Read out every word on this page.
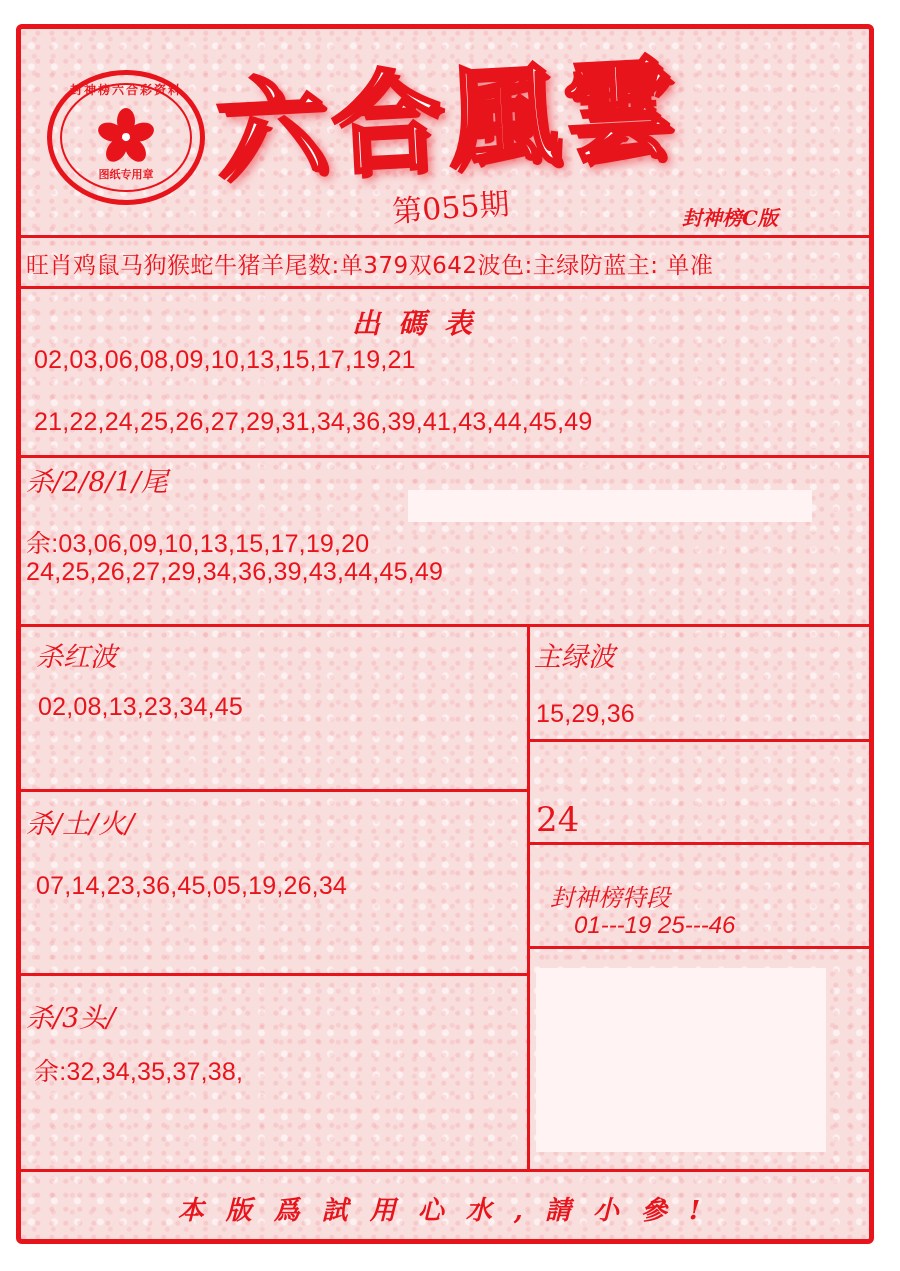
封神榜六合彩资料
图纸专用章 六合風雲
第055期	封神榜C版
旺肖鸡鼠马狗猴蛇牛猪羊尾数:单379双642波色:主绿防蓝主: 单准
出碼表
02,03,06,08,09,10,13,15,17,19,21
21,22,24,25,26,27,29,31,34,36,39,41,43,44,45,49
杀/2/8/1/尾
余:03,06,09,10,13,15,17,19,20
24,25,26,27,29,34,36,39,43,44,45,49
杀红波
02,08,13,23,34,45
主绿波
15,29,36
杀/土/火/
07,14,23,36,45,05,19,26,34
24
封神榜特段
01---19 25---46
杀/3头/
余:32,34,35,37,38,
本版爲試用心水,請小參!
